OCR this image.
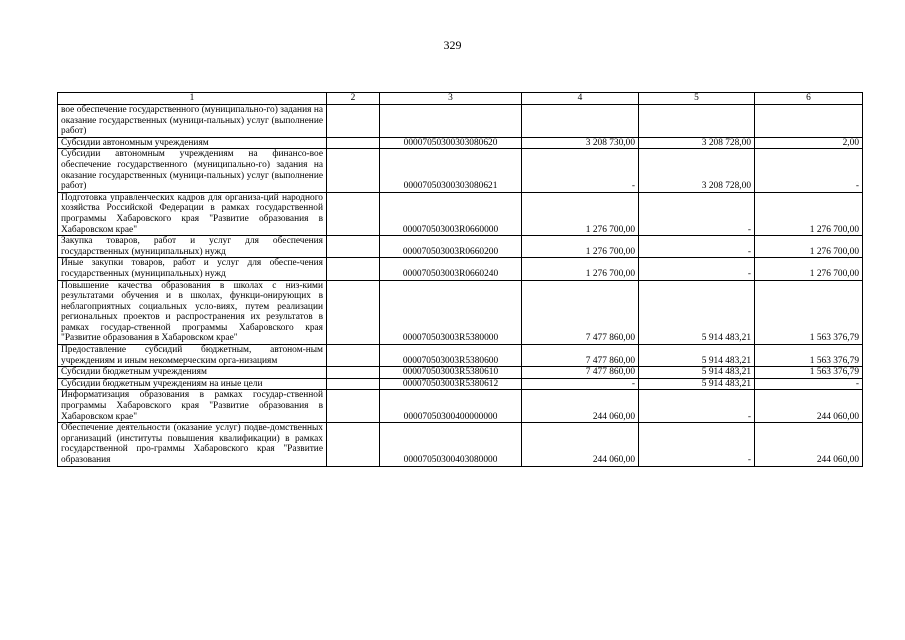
329
1	2	3	4	5	6
вое обеспечение государственного (муниципально-го) задания на оказание государственных (муници-пальных) услуг (выполнение работ)					
Субсидии автономным учреждениям		00007050300303080620	3 208 730,00	3 208 728,00	2,00
Субсидии автономным учреждениям на финансо-вое обеспечение государственного (муниципально-го) задания на оказание государственных (муници-пальных) услуг (выполнение работ)		00007050300303080621	-	3 208 728,00	-
Подготовка управленческих кадров для организа-ций народного хозяйства Российской Федерации в рамках государственной программы Хабаровского края "Развитие образования в Хабаровском крае"		000070503003R0660000	1 276 700,00	-	1 276 700,00
Закупка товаров, работ и услуг для обеспечения государственных (муниципальных) нужд		000070503003R0660200	1 276 700,00	-	1 276 700,00
Иные закупки товаров, работ и услуг для обеспе-чения государственных (муниципальных) нужд		000070503003R0660240	1 276 700,00	-	1 276 700,00
Повышение качества образования в школах с низ-кими результатами обучения и в школах, функци-онирующих в неблагоприятных социальных усло-виях, путем реализации региональных проектов и распространения их результатов в рамках государ-ственной программы Хабаровского края "Развитие образования в Хабаровском крае"		000070503003R5380000	7 477 860,00	5 914 483,21	1 563 376,79
Предоставление субсидий бюджетным, автоном-ным учреждениям и иным некоммерческим орга-низациям		000070503003R5380600	7 477 860,00	5 914 483,21	1 563 376,79
Субсидии бюджетным учреждениям		000070503003R5380610	7 477 860,00	5 914 483,21	1 563 376,79
Субсидии бюджетным учреждениям на иные цели		000070503003R5380612	-	5 914 483,21	-
Информатизация образования в рамках государ-ственной программы Хабаровского края "Развитие образования в Хабаровском крае"		00007050300400000000	244 060,00	-	244 060,00
Обеспечение деятельности (оказание услуг) подве-домственных организаций (институты повышения квалификации) в рамках государственной про-граммы Хабаровского края "Развитие образования		00007050300403080000	244 060,00	-	244 060,00
